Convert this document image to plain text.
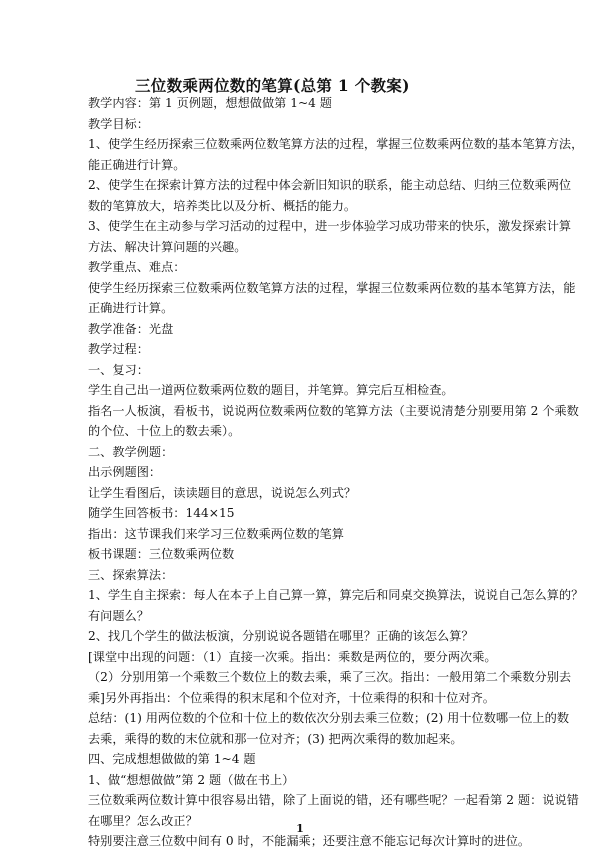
三位数乘两位数的笔算(总第 1 个教案)
教学内容：第 1 页例题，想想做做第 1~4 题
教学目标：
1、使学生经历探索三位数乘两位数笔算方法的过程，掌握三位数乘两位数的基本笔算方法，
能正确进行计算。
2、使学生在探索计算方法的过程中体会新旧知识的联系，能主动总结、归纳三位数乘两位
数的笔算放大，培养类比以及分析、概括的能力。
3、使学生在主动参与学习活动的过程中，进一步体验学习成功带来的快乐，激发探索计算
方法、解决计算问题的兴趣。
教学重点、难点：
使学生经历探索三位数乘两位数笔算方法的过程，掌握三位数乘两位数的基本笔算方法，能
正确进行计算。
教学准备：光盘
教学过程：
一、复习：
学生自己出一道两位数乘两位数的题目，并笔算。算完后互相检查。
指名一人板演，看板书，说说两位数乘两位数的笔算方法（主要说清楚分别要用第 2 个乘数
的个位、十位上的数去乘）。
二、教学例题：
出示例题图：
让学生看图后，读读题目的意思，说说怎么列式？
随学生回答板书：144×15
指出：这节课我们来学习三位数乘两位数的笔算
板书课题：三位数乘两位数
三、探索算法：
1、学生自主探索：每人在本子上自己算一算，算完后和同桌交换算法，说说自己怎么算的？
有问题么？
2、找几个学生的做法板演，分别说说各题错在哪里？正确的该怎么算？
[课堂中出现的问题：（1）直接一次乘。指出：乘数是两位的，要分两次乘。
（2）分别用第一个乘数三个数位上的数去乘，乘了三次。指出：一般用第二个乘数分别去
乘]另外再指出：个位乘得的积末尾和个位对齐，十位乘得的积和十位对齐。
总结：(1) 用两位数的个位和十位上的数依次分别去乘三位数；(2) 用十位数哪一位上的数
去乘，乘得的数的末位就和那一位对齐；(3) 把两次乘得的数加起来。
四、完成想想做做的第 1~4 题
1、做“想想做做”第 2 题（做在书上）
三位数乘两位数计算中很容易出错，除了上面说的错，还有哪些呢？一起看第 2 题：说说错
在哪里？怎么改正？
特别要注意三位数中间有 0 时，不能漏乘；还要注意不能忘记每次计算时的进位。
1
